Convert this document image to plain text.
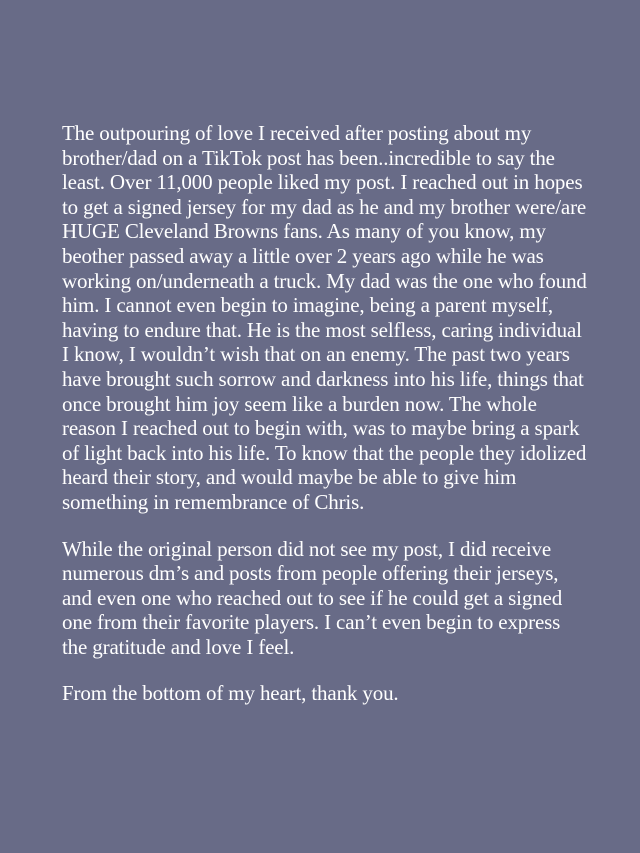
The outpouring of love I received after posting about my brother/dad on a TikTok post has been..incredible to say the least. Over 11,000 people liked my post. I reached out in hopes to get a signed jersey for my dad as he and my brother were/are HUGE Cleveland Browns fans. As many of you know, my beother passed away a little over 2 years ago while he was working on/underneath a truck. My dad was the one who found him. I cannot even begin to imagine, being a parent myself, having to endure that. He is the most selfless, caring individual I know, I wouldn’t wish that on an enemy. The past two years have brought such sorrow and darkness into his life, things that once brought him joy seem like a burden now. The whole reason I reached out to begin with, was to maybe bring a spark of light back into his life. To know that the people they idolized heard their story, and would maybe be able to give him something in remembrance of Chris.

While the original person did not see my post, I did receive numerous dm’s and posts from people offering their jerseys, and even one who reached out to see if he could get a signed one from their favorite players. I can’t even begin to express the gratitude and love I feel.

From the bottom of my heart, thank you.
